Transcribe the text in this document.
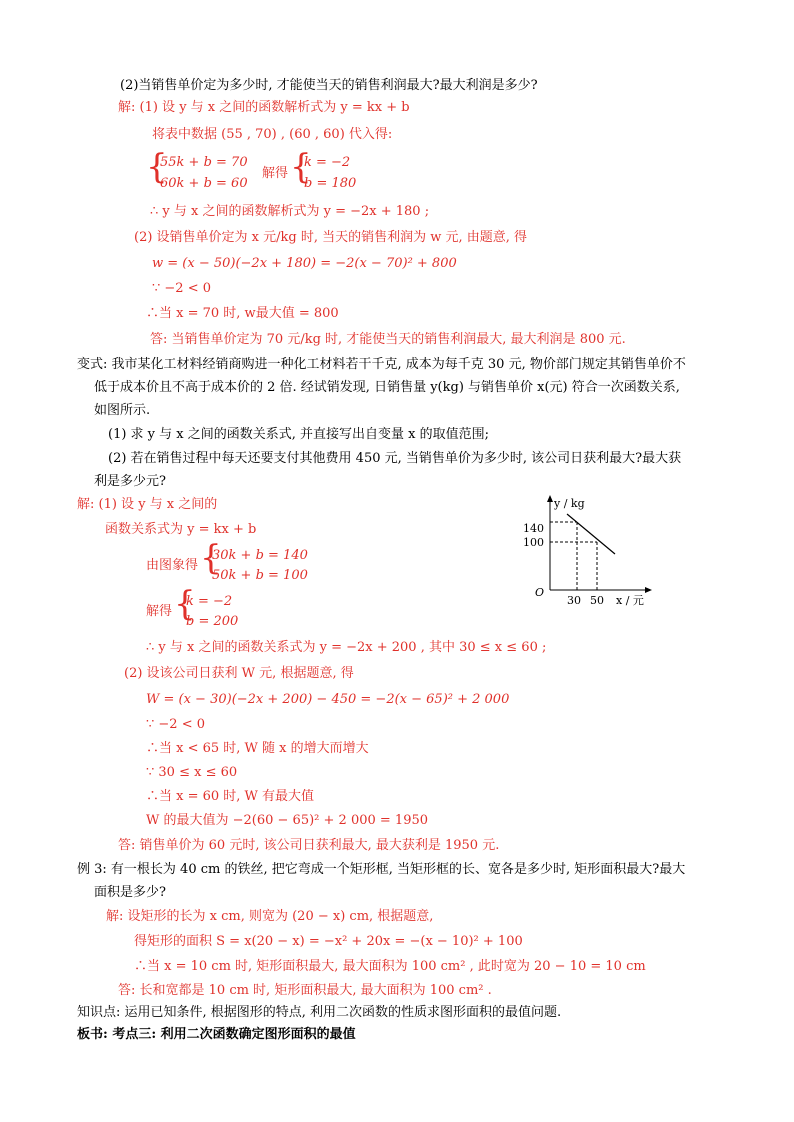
(2)当销售单价定为多少时, 才能使当天的销售利润最大?最大利润是多少?
解: (1) 设 y 与 x 之间的函数解析式为 y = kx + b
将表中数据 (55 , 70) , (60 , 60) 代入得:
{
55k + b = 70
60k + b = 60
解得 {
k = −2
b = 180
∴ y 与 x 之间的函数解析式为 y = −2x + 180 ;
(2) 设销售单价定为 x 元/kg 时, 当天的销售利润为 w 元, 由题意, 得
w = (x − 50)(−2x + 180) = −2(x − 70)² + 800
∵ −2 < 0
∴当 x = 70 时, w最大值 = 800
答: 当销售单价定为 70 元/kg 时, 才能使当天的销售利润最大, 最大利润是 800 元.
变式: 我市某化工材料经销商购进一种化工材料若干千克, 成本为每千克 30 元, 物价部门规定其销售单价不
低于成本价且不高于成本价的 2 倍. 经试销发现, 日销售量 y(kg) 与销售单价 x(元) 符合一次函数关系,
如图所示.
(1) 求 y 与 x 之间的函数关系式, 并直接写出自变量 x 的取值范围;
(2) 若在销售过程中每天还要支付其他费用 450 元, 当销售单价为多少时, 该公司日获利最大?最大获
利是多少元?
y / kg
140
100
O
30 50 x / 元
解: (1) 设 y 与 x 之间的
函数关系式为 y = kx + b
由图象得 {
30k + b = 140
50k + b = 100
解得 {
k = −2
b = 200
∴ y 与 x 之间的函数关系式为 y = −2x + 200 , 其中 30 ≤ x ≤ 60 ;
(2) 设该公司日获利 W 元, 根据题意, 得
W = (x − 30)(−2x + 200) − 450 = −2(x − 65)² + 2 000
∵ −2 < 0
∴当 x < 65 时, W 随 x 的增大而增大
∵ 30 ≤ x ≤ 60
∴当 x = 60 时, W 有最大值
W 的最大值为 −2(60 − 65)² + 2 000 = 1950
答: 销售单价为 60 元时, 该公司日获利最大, 最大获利是 1950 元.
例 3: 有一根长为 40 cm 的铁丝, 把它弯成一个矩形框, 当矩形框的长、宽各是多少时, 矩形面积最大?最大
面积是多少?
解: 设矩形的长为 x cm, 则宽为 (20 − x) cm, 根据题意,
得矩形的面积 S = x(20 − x) = −x² + 20x = −(x − 10)² + 100
∴当 x = 10 cm 时, 矩形面积最大, 最大面积为 100 cm² , 此时宽为 20 − 10 = 10 cm
答: 长和宽都是 10 cm 时, 矩形面积最大, 最大面积为 100 cm² .
知识点: 运用已知条件, 根据图形的特点, 利用二次函数的性质求图形面积的最值问题.
板书: 考点三: 利用二次函数确定图形面积的最值
